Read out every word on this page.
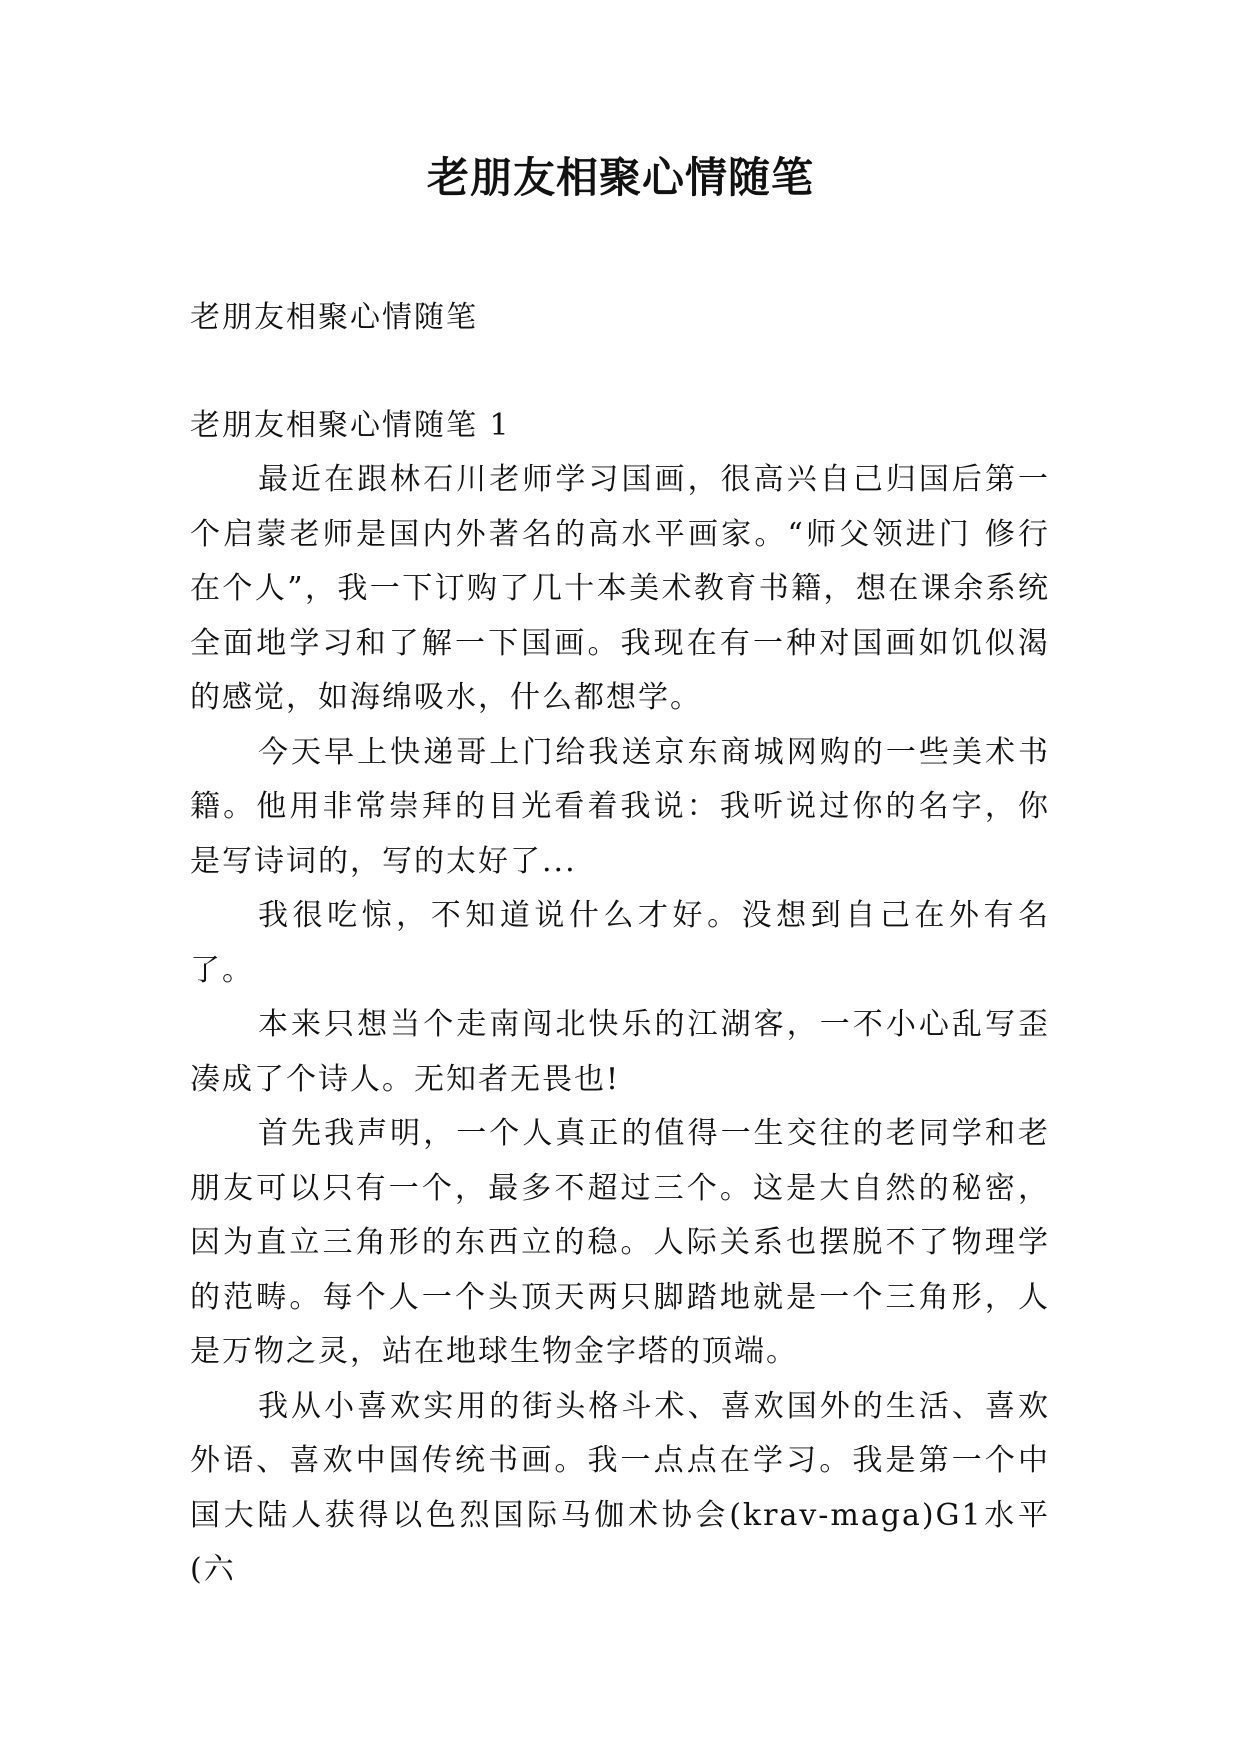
老朋友相聚心情随笔

老朋友相聚心情随笔

老朋友相聚心情随笔 1

最近在跟林石川老师学习国画，很高兴自己归国后第一个启蒙老师是国内外著名的高水平画家。“师父领进门 修行在个人”，我一下订购了几十本美术教育书籍，想在课余系统全面地学习和了解一下国画。我现在有一种对国画如饥似渴的感觉，如海绵吸水，什么都想学。

今天早上快递哥上门给我送京东商城网购的一些美术书籍。他用非常崇拜的目光看着我说：我听说过你的名字，你是写诗词的，写的太好了...

我很吃惊，不知道说什么才好。没想到自己在外有名了。

本来只想当个走南闯北快乐的江湖客，一不小心乱写歪凑成了个诗人。无知者无畏也!

首先我声明，一个人真正的值得一生交往的老同学和老朋友可以只有一个，最多不超过三个。这是大自然的秘密，因为直立三角形的东西立的稳。人际关系也摆脱不了物理学的范畴。每个人一个头顶天两只脚踏地就是一个三角形，人是万物之灵，站在地球生物金字塔的顶端。

我从小喜欢实用的街头格斗术、喜欢国外的生活、喜欢外语、喜欢中国传统书画。我一点点在学习。我是第一个中国大陆人获得以色烈国际马伽术协会(krav-maga)G1水平(六
